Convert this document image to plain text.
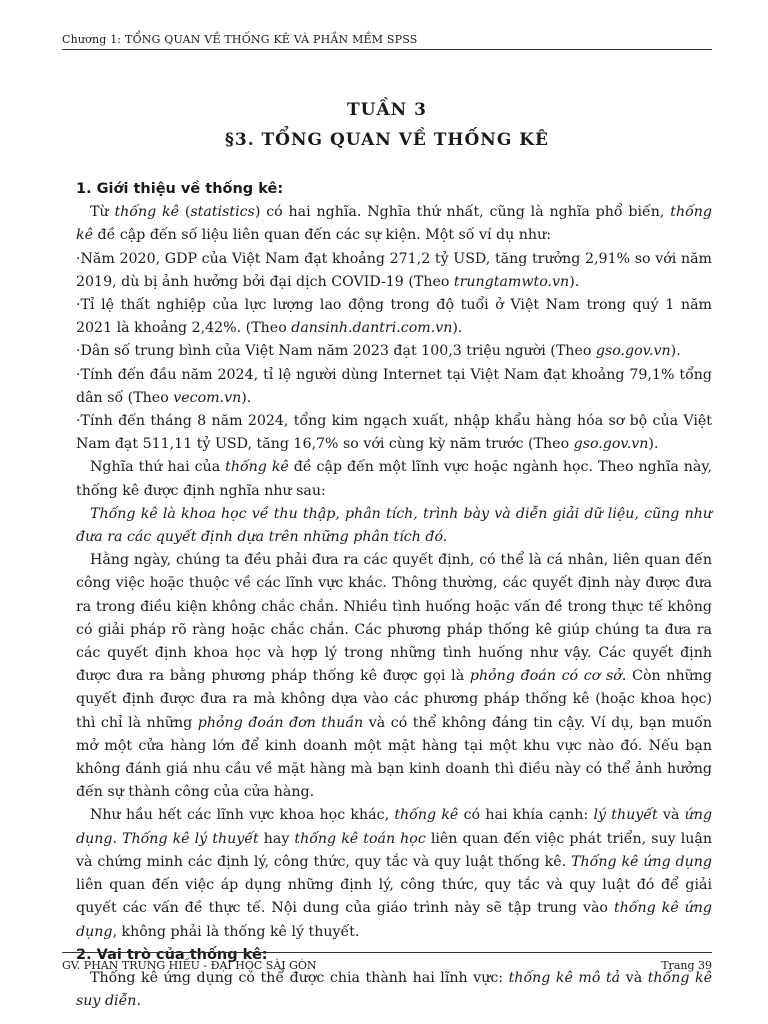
Chương 1: TỔNG QUAN VỀ THỐNG KÊ VÀ PHẦN MỀM SPSS
TUẦN 3
§3. TỔNG QUAN VỀ THỐNG KÊ

1. Giới thiệu về thống kê:

Từ thống kê (statistics) có hai nghĩa. Nghĩa thứ nhất, cũng là nghĩa phổ biến, thống kê đề cập đến số liệu liên quan đến các sự kiện. Một số ví dụ như:

·Năm 2020, GDP của Việt Nam đạt khoảng 271,2 tỷ USD, tăng trưởng 2,91% so với năm 2019, dù bị ảnh hưởng bởi đại dịch COVID-19 (Theo trungtamwto.vn).

·Tỉ lệ thất nghiệp của lực lượng lao động trong độ tuổi ở Việt Nam trong quý 1 năm 2021 là khoảng 2,42%. (Theo dansinh.dantri.com.vn).

·Dân số trung bình của Việt Nam năm 2023 đạt 100,3 triệu người (Theo gso.gov.vn).

·Tính đến đầu năm 2024, tỉ lệ người dùng Internet tại Việt Nam đạt khoảng 79,1% tổng dân số (Theo vecom.vn).

·Tính đến tháng 8 năm 2024, tổng kim ngạch xuất, nhập khẩu hàng hóa sơ bộ của Việt Nam đạt 511,11 tỷ USD, tăng 16,7% so với cùng kỳ năm trước (Theo gso.gov.vn).

Nghĩa thứ hai của thống kê đề cập đến một lĩnh vực hoặc ngành học. Theo nghĩa này, thống kê được định nghĩa như sau:

Thống kê là khoa học về thu thập, phân tích, trình bày và diễn giải dữ liệu, cũng như đưa ra các quyết định dựa trên những phân tích đó.

Hằng ngày, chúng ta đều phải đưa ra các quyết định, có thể là cá nhân, liên quan đến công việc hoặc thuộc về các lĩnh vực khác. Thông thường, các quyết định này được đưa ra trong điều kiện không chắc chắn. Nhiều tình huống hoặc vấn đề trong thực tế không có giải pháp rõ ràng hoặc chắc chắn. Các phương pháp thống kê giúp chúng ta đưa ra các quyết định khoa học và hợp lý trong những tình huống như vậy. Các quyết định được đưa ra bằng phương pháp thống kê được gọi là phỏng đoán có cơ sở. Còn những quyết định được đưa ra mà không dựa vào các phương pháp thống kê (hoặc khoa học) thì chỉ là những phỏng đoán đơn thuần và có thể không đáng tin cậy. Ví dụ, bạn muốn mở một cửa hàng lớn để kinh doanh một mặt hàng tại một khu vực nào đó. Nếu bạn không đánh giá nhu cầu về mặt hàng mà bạn kinh doanh thì điều này có thể ảnh hưởng đến sự thành công của cửa hàng.

Như hầu hết các lĩnh vực khoa học khác, thống kê có hai khía cạnh: lý thuyết và ứng dụng. Thống kê lý thuyết hay thống kê toán học liên quan đến việc phát triển, suy luận và chứng minh các định lý, công thức, quy tắc và quy luật thống kê. Thống kê ứng dụng liên quan đến việc áp dụng những định lý, công thức, quy tắc và quy luật đó để giải quyết các vấn đề thực tế. Nội dung của giáo trình này sẽ tập trung vào thống kê ứng dụng, không phải là thống kê lý thuyết.

2. Vai trò của thống kê:

Thống kê ứng dụng có thể được chia thành hai lĩnh vực: thống kê mô tả và thống kê suy diễn.

GV. PHAN TRUNG HIẾU - ĐẠI HỌC SÀI GÒN	Trang 39
